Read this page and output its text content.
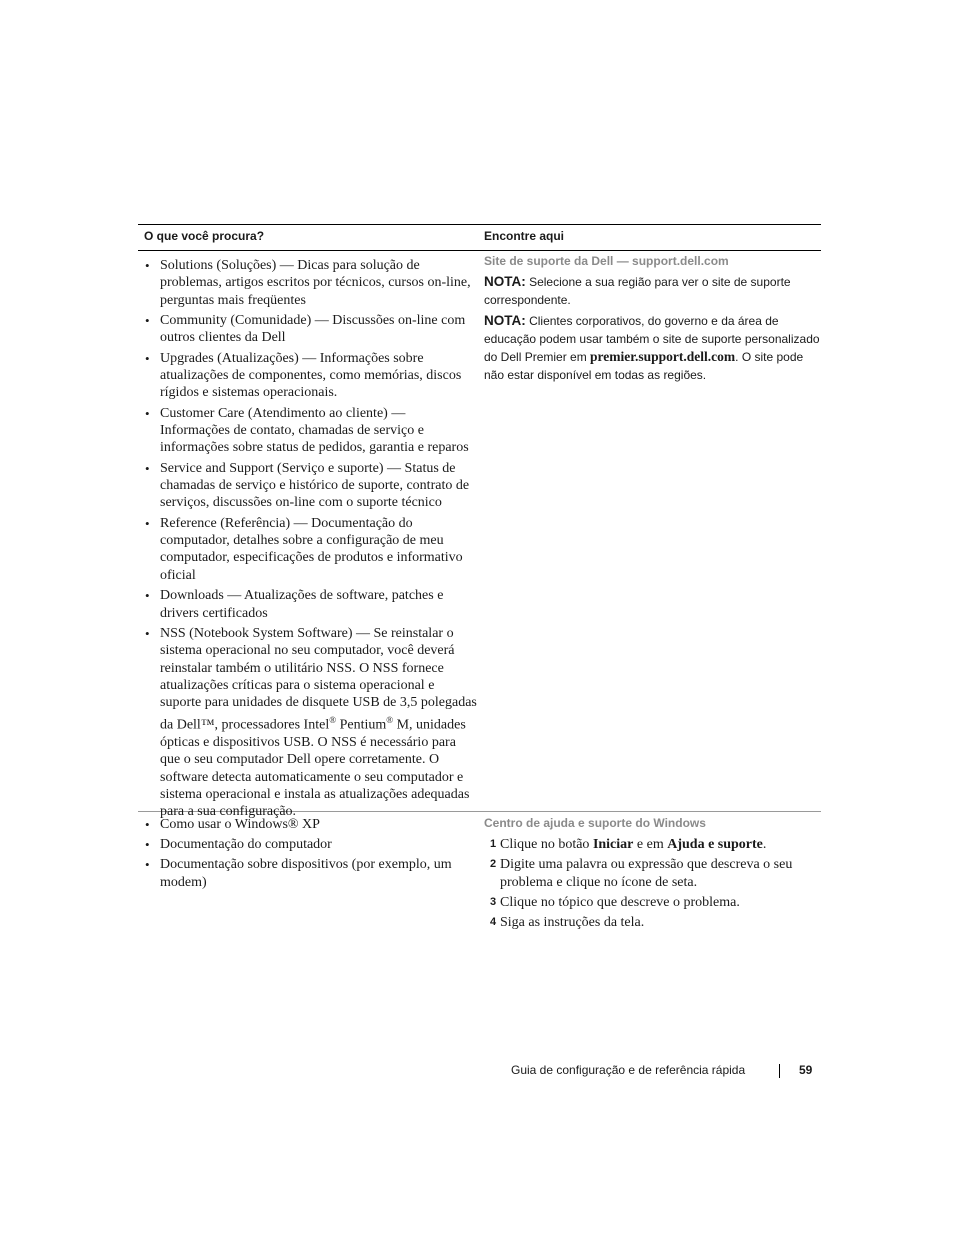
O que você procura?	Encontre aqui
• Solutions (Soluções) — Dicas para solução de problemas, artigos escritos por técnicos, cursos on-line, perguntas mais freqüentes
• Community (Comunidade) — Discussões on-line com outros clientes da Dell
• Upgrades (Atualizações) — Informações sobre atualizações de componentes, como memórias, discos rígidos e sistemas operacionais.
• Customer Care (Atendimento ao cliente) — Informações de contato, chamadas de serviço e informações sobre status de pedidos, garantia e reparos
• Service and Support (Serviço e suporte) — Status de chamadas de serviço e histórico de suporte, contrato de serviços, discussões on-line com o suporte técnico
• Reference (Referência) — Documentação do computador, detalhes sobre a configuração de meu computador, especificações de produtos e informativo oficial
• Downloads — Atualizações de software, patches e drivers certificados
• NSS (Notebook System Software) — Se reinstalar o sistema operacional no seu computador, você deverá reinstalar também o utilitário NSS. O NSS fornece atualizações críticas para o sistema operacional e suporte para unidades de disquete USB de 3,5 polegadas da Dell™, processadores Intel® Pentium® M, unidades ópticas e dispositivos USB. O NSS é necessário para que o seu computador Dell opere corretamente. O software detecta automaticamente o seu computador e sistema operacional e instala as atualizações adequadas para a sua configuração.
Site de suporte da Dell — support.dell.com
NOTA: Selecione a sua região para ver o site de suporte correspondente.
NOTA: Clientes corporativos, do governo e da área de educação podem usar também o site de suporte personalizado do Dell Premier em premier.support.dell.com. O site pode não estar disponível em todas as regiões.
• Como usar o Windows® XP
• Documentação do computador
• Documentação sobre dispositivos (por exemplo, um modem)
Centro de ajuda e suporte do Windows
1 Clique no botão Iniciar e em Ajuda e suporte.
2 Digite uma palavra ou expressão que descreva o seu problema e clique no ícone de seta.
3 Clique no tópico que descreve o problema.
4 Siga as instruções da tela.
Guia de configuração e de referência rápida	59
